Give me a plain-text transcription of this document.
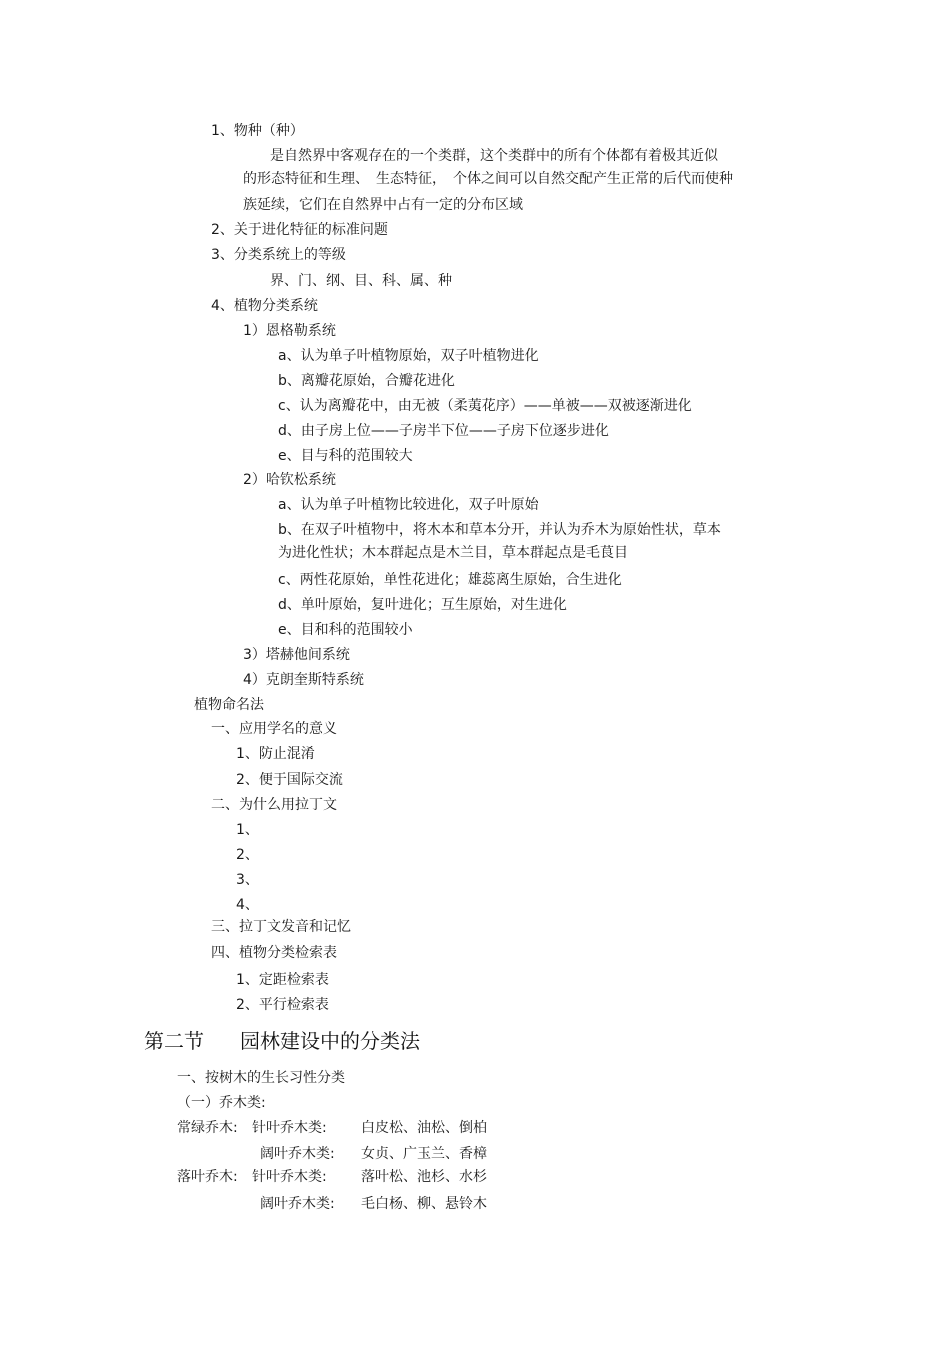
1、物种（种）
是自然界中客观存在的一个类群，这个类群中的所有个体都有着极其近似
的形态特征和生理、　生态特征，　个体之间可以自然交配产生正常的后代而使种
族延续，它们在自然界中占有一定的分布区域
2、关于进化特征的标准问题
3、分类系统上的等级
界、门、纲、目、科、属、种
4、植物分类系统
1）恩格勒系统
a、认为单子叶植物原始，双子叶植物进化
b、离瓣花原始，合瓣花进化
c、认为离瓣花中，由无被（柔荑花序）——单被——双被逐渐进化
d、由子房上位——子房半下位——子房下位逐步进化
e、目与科的范围较大
2）哈钦松系统
a、认为单子叶植物比较进化，双子叶原始
b、在双子叶植物中，将木本和草本分开，并认为乔木为原始性状，草本
为进化性状；木本群起点是木兰目，草本群起点是毛茛目
c、两性花原始，单性花进化；雄蕊离生原始，合生进化
d、单叶原始，复叶进化；互生原始，对生进化
e、目和科的范围较小
3）塔赫他间系统
4）克朗奎斯特系统
植物命名法
一、应用学名的意义
1、防止混淆
2、便于国际交流
二、为什么用拉丁文
1、
2、
3、
4、
三、拉丁文发音和记忆
四、植物分类检索表
1、定距检索表
2、平行检索表
第二节 园林建设中的分类法
一、按树木的生长习性分类
（一）乔木类:
常绿乔木: 针叶乔木类: 白皮松、油松、倒柏
阔叶乔木类: 女贞、广玉兰、香樟
落叶乔木: 针叶乔木类: 落叶松、池杉、水杉
阔叶乔木类: 毛白杨、柳、悬铃木
